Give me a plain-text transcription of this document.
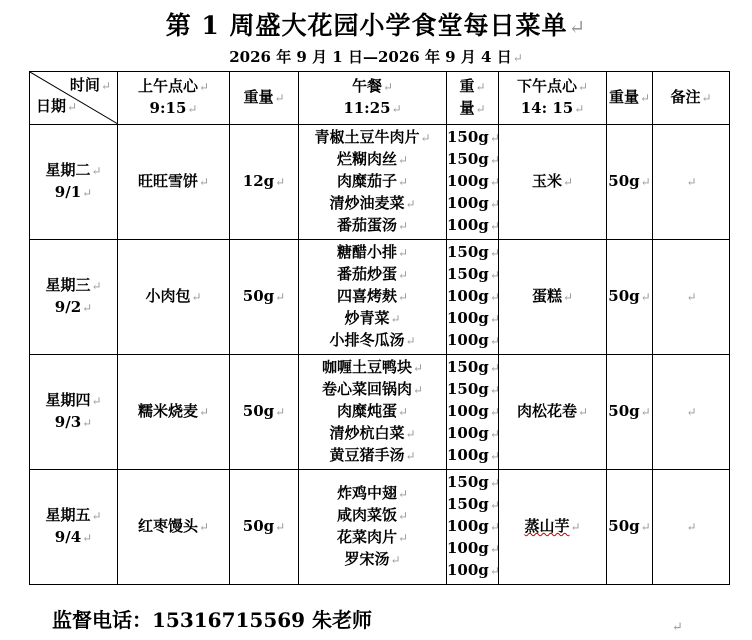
第 1 周盛大花园小学食堂每日菜单↵
2026 年 9 月 1 日—2026 年 9 月 4 日↵
时间↵
日期↵	上午点心↵
9:15↵	重量↵	午餐↵
11:25↵	重↵
量↵	下午点心↵
14: 15↵	重量↵	备注↵

星期二↵
9/1↵	旺旺雪饼↵	12g↵	青椒土豆牛肉片↵
烂糊肉丝↵
肉糜茄子↵
清炒油麦菜↵
番茄蛋汤↵	150g↵
150g↵
100g↵
100g↵
100g↵	玉米↵	50g↵	↵

星期三↵
9/2↵	小肉包↵	50g↵	糖醋小排↵
番茄炒蛋↵
四喜烤麸↵
炒青菜↵
小排冬瓜汤↵	150g↵
150g↵
100g↵
100g↵
100g↵	蛋糕↵	50g↵	↵

星期四↵
9/3↵	糯米烧麦↵	50g↵	咖喱土豆鸭块↵
卷心菜回锅肉↵
肉糜炖蛋↵
清炒杭白菜↵
黄豆猪手汤↵	150g↵
150g↵
100g↵
100g↵
100g↵	肉松花卷↵	50g↵	↵

星期五↵
9/4↵	红枣馒头↵	50g↵	炸鸡中翅↵
咸肉菜饭↵
花菜肉片↵
罗宋汤↵	150g↵
150g↵
100g↵
100g↵
100g↵	蒸山芋↵	50g↵	↵
监督电话：15316715569 朱老师	↵
